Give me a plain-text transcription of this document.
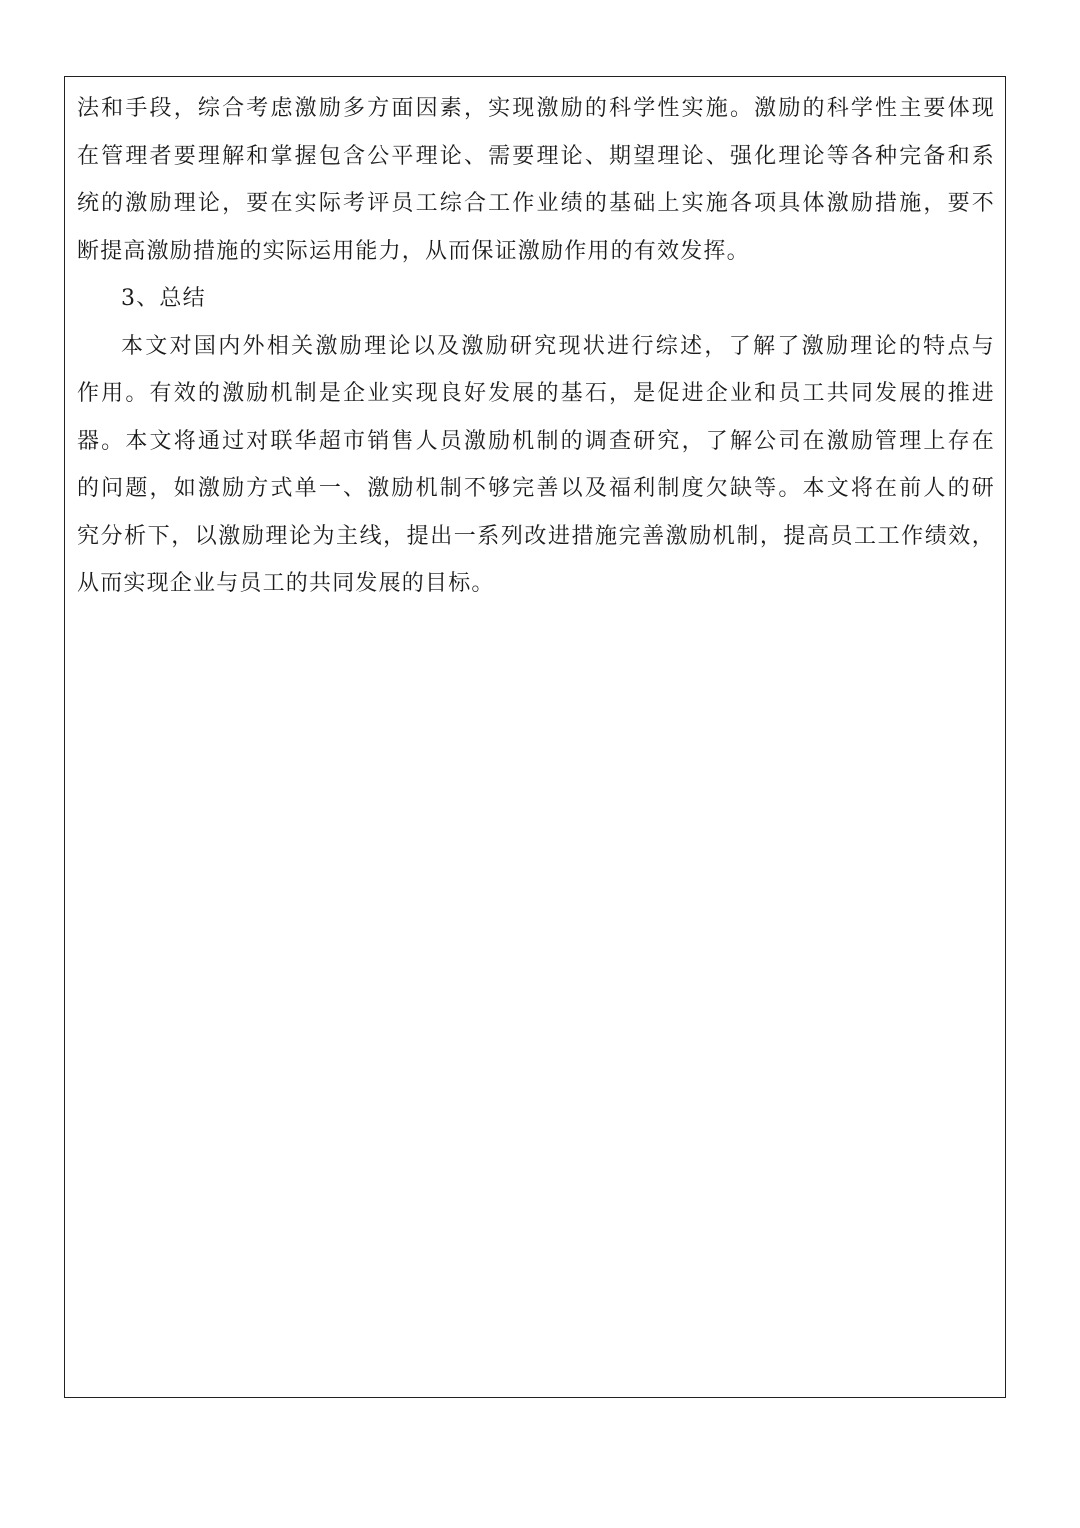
法和手段，综合考虑激励多方面因素，实现激励的科学性实施。激励的科学性主要体现
在管理者要理解和掌握包含公平理论、需要理论、期望理论、强化理论等各种完备和系
统的激励理论，要在实际考评员工综合工作业绩的基础上实施各项具体激励措施，要不
断提高激励措施的实际运用能力，从而保证激励作用的有效发挥。
3、总结
本文对国内外相关激励理论以及激励研究现状进行综述，了解了激励理论的特点与
作用。有效的激励机制是企业实现良好发展的基石，是促进企业和员工共同发展的推进
器。本文将通过对联华超市销售人员激励机制的调查研究，了解公司在激励管理上存在
的问题，如激励方式单一、激励机制不够完善以及福利制度欠缺等。本文将在前人的研
究分析下，以激励理论为主线，提出一系列改进措施完善激励机制，提高员工工作绩效，
从而实现企业与员工的共同发展的目标。
